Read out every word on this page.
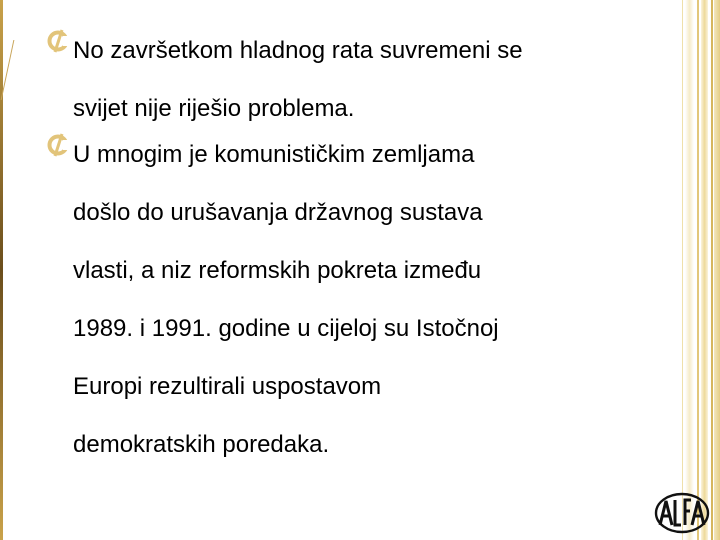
No završetkom hladnog rata suvremeni se
svijet nije riješio problema.
U mnogim je komunističkim zemljama
došlo do urušavanja državnog sustava
vlasti, a niz reformskih pokreta između
1989. i 1991. godine u cijeloj su Istočnoj
Europi rezultirali uspostavom
demokratskih poredaka.
